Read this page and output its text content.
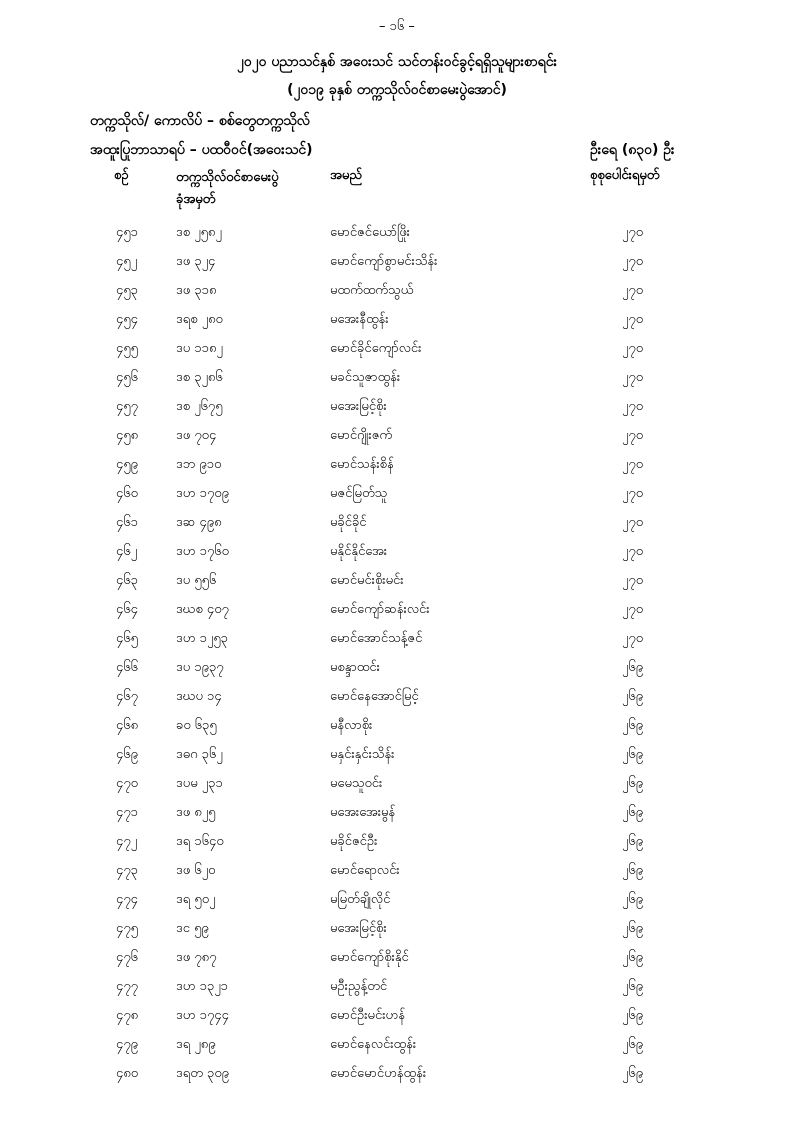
– ၁၆ –
၂၀၂၀ ပညာသင်နှစ် အဝေးသင် သင်တန်းဝင်ခွင့်ရရှိသူများစာရင်း
(၂၀၁၉ ခုနှစ် တက္ကသိုလ်ဝင်စာမေးပွဲအောင်)
တက္ကသိုလ်/ ကောလိပ် – စစ်တွေတက္ကသိုလ်
အထူးပြုဘာသာရပ် – ပထဝီဝင်(အဝေးသင်)	ဦးရေ (၈၃၀) ဦး
စဉ်	တက္ကသိုလ်ဝင်စာမေးပွဲ
ခုံအမှတ်
အမည်	စုစုပေါင်းရမှတ်
၄၅၁	ဒစ ၂၅၈၂	မောင်ဇင်ယော်ဖြိုး	၂၇၀
၄၅၂	ဒဖ ၃၂၄	မောင်ကျော်စွာမင်းသိန်း	၂၇၀
၄၅၃	ဒဖ ၃၁၈	မထက်ထက်သွယ်	၂၇၀
၄၅၄	ဒရစ ၂၈၀	မအေးနီထွန်း	၂၇၀
၄၅၅	ဒပ ၁၁၈၂	မောင်ခိုင်ကျော်လင်း	၂၇၀
၄၅၆	ဒစ ၃၂၈၆	မခင်သူဇာထွန်း	၂၇၀
၄၅၇	ဒစ ၂၆၇၅	မအေးမြင့်စိုး	၂၇၀
၄၅၈	ဒဖ ၇၀၄	မောင်ဂျိုးဇက်	၂၇၀
၄၅၉	ဒဘ ၉၁၀	မောင်သန်းစိန်	၂၇၀
၄၆၀	ဒဟ ၁၇၀၉	မဇင်မြတ်သူ	၂၇၀
၄၆၁	ဒဆ ၄၉၈	မခိုင်ခိုင်	၂၇၀
၄၆၂	ဒဟ ၁၇၆၀	မနိုင်နိုင်အေး	၂၇၀
၄၆၃	ဒပ ၅၅၆	မောင်မင်းစိုးမင်း	၂၇၀
၄၆၄	ဒဃစ ၄၀၇	မောင်ကျော်ဆန်းလင်း	၂၇၀
၄၆၅	ဒဟ ၁၂၅၃	မောင်အောင်သန့်ဇင်	၂၇၀
၄၆၆	ဒပ ၁၉၃၇	မစန္ဒာထင်း	၂၆၉
၄၆၇	ဒဃပ ၁၄	မောင်နေအောင်မြင့်	၂၆၉
၄၆၈	ခဝ ၆၃၅	မနီလာစိုး	၂၆၉
၄၆၉	ဒဓဂ ၃၆၂	မနှင်းနှင်းသိန်း	၂၆၉
၄၇၀	ဒပမ ၂၃၁	မမေသူဝင်း	၂၆၉
၄၇၁	ဒဖ ၈၂၅	မအေးအေးမွန်	၂၆၉
၄၇၂	ဒရ ၁၆၄၀	မခိုင်ဇင်ဦး	၂၆၉
၄၇၃	ဒဖ ၆၂၀	မောင်ရောလင်း	၂၆၉
၄၇၄	ဒရ ၅၀၂	မမြတ်ချိုလိုင်	၂၆၉
၄၇၅	ဒင ၅၉	မအေးမြင့်စိုး	၂၆၉
၄၇၆	ဒဖ ၇၈၇	မောင်ကျော်စိုးနိုင်	၂၆၉
၄၇၇	ဒဟ ၁၃၂၁	မဦးညွန့်တင်	၂၆၉
၄၇၈	ဒဟ ၁၇၄၄	မောင်ဦးမင်းဟန်	၂၆၉
၄၇၉	ဒရ ၂၈၉	မောင်နေလင်းထွန်း	၂၆၉
၄၈၀	ဒရတ ၃၀၉	မောင်မောင်ဟန်ထွန်း	၂၆၉
